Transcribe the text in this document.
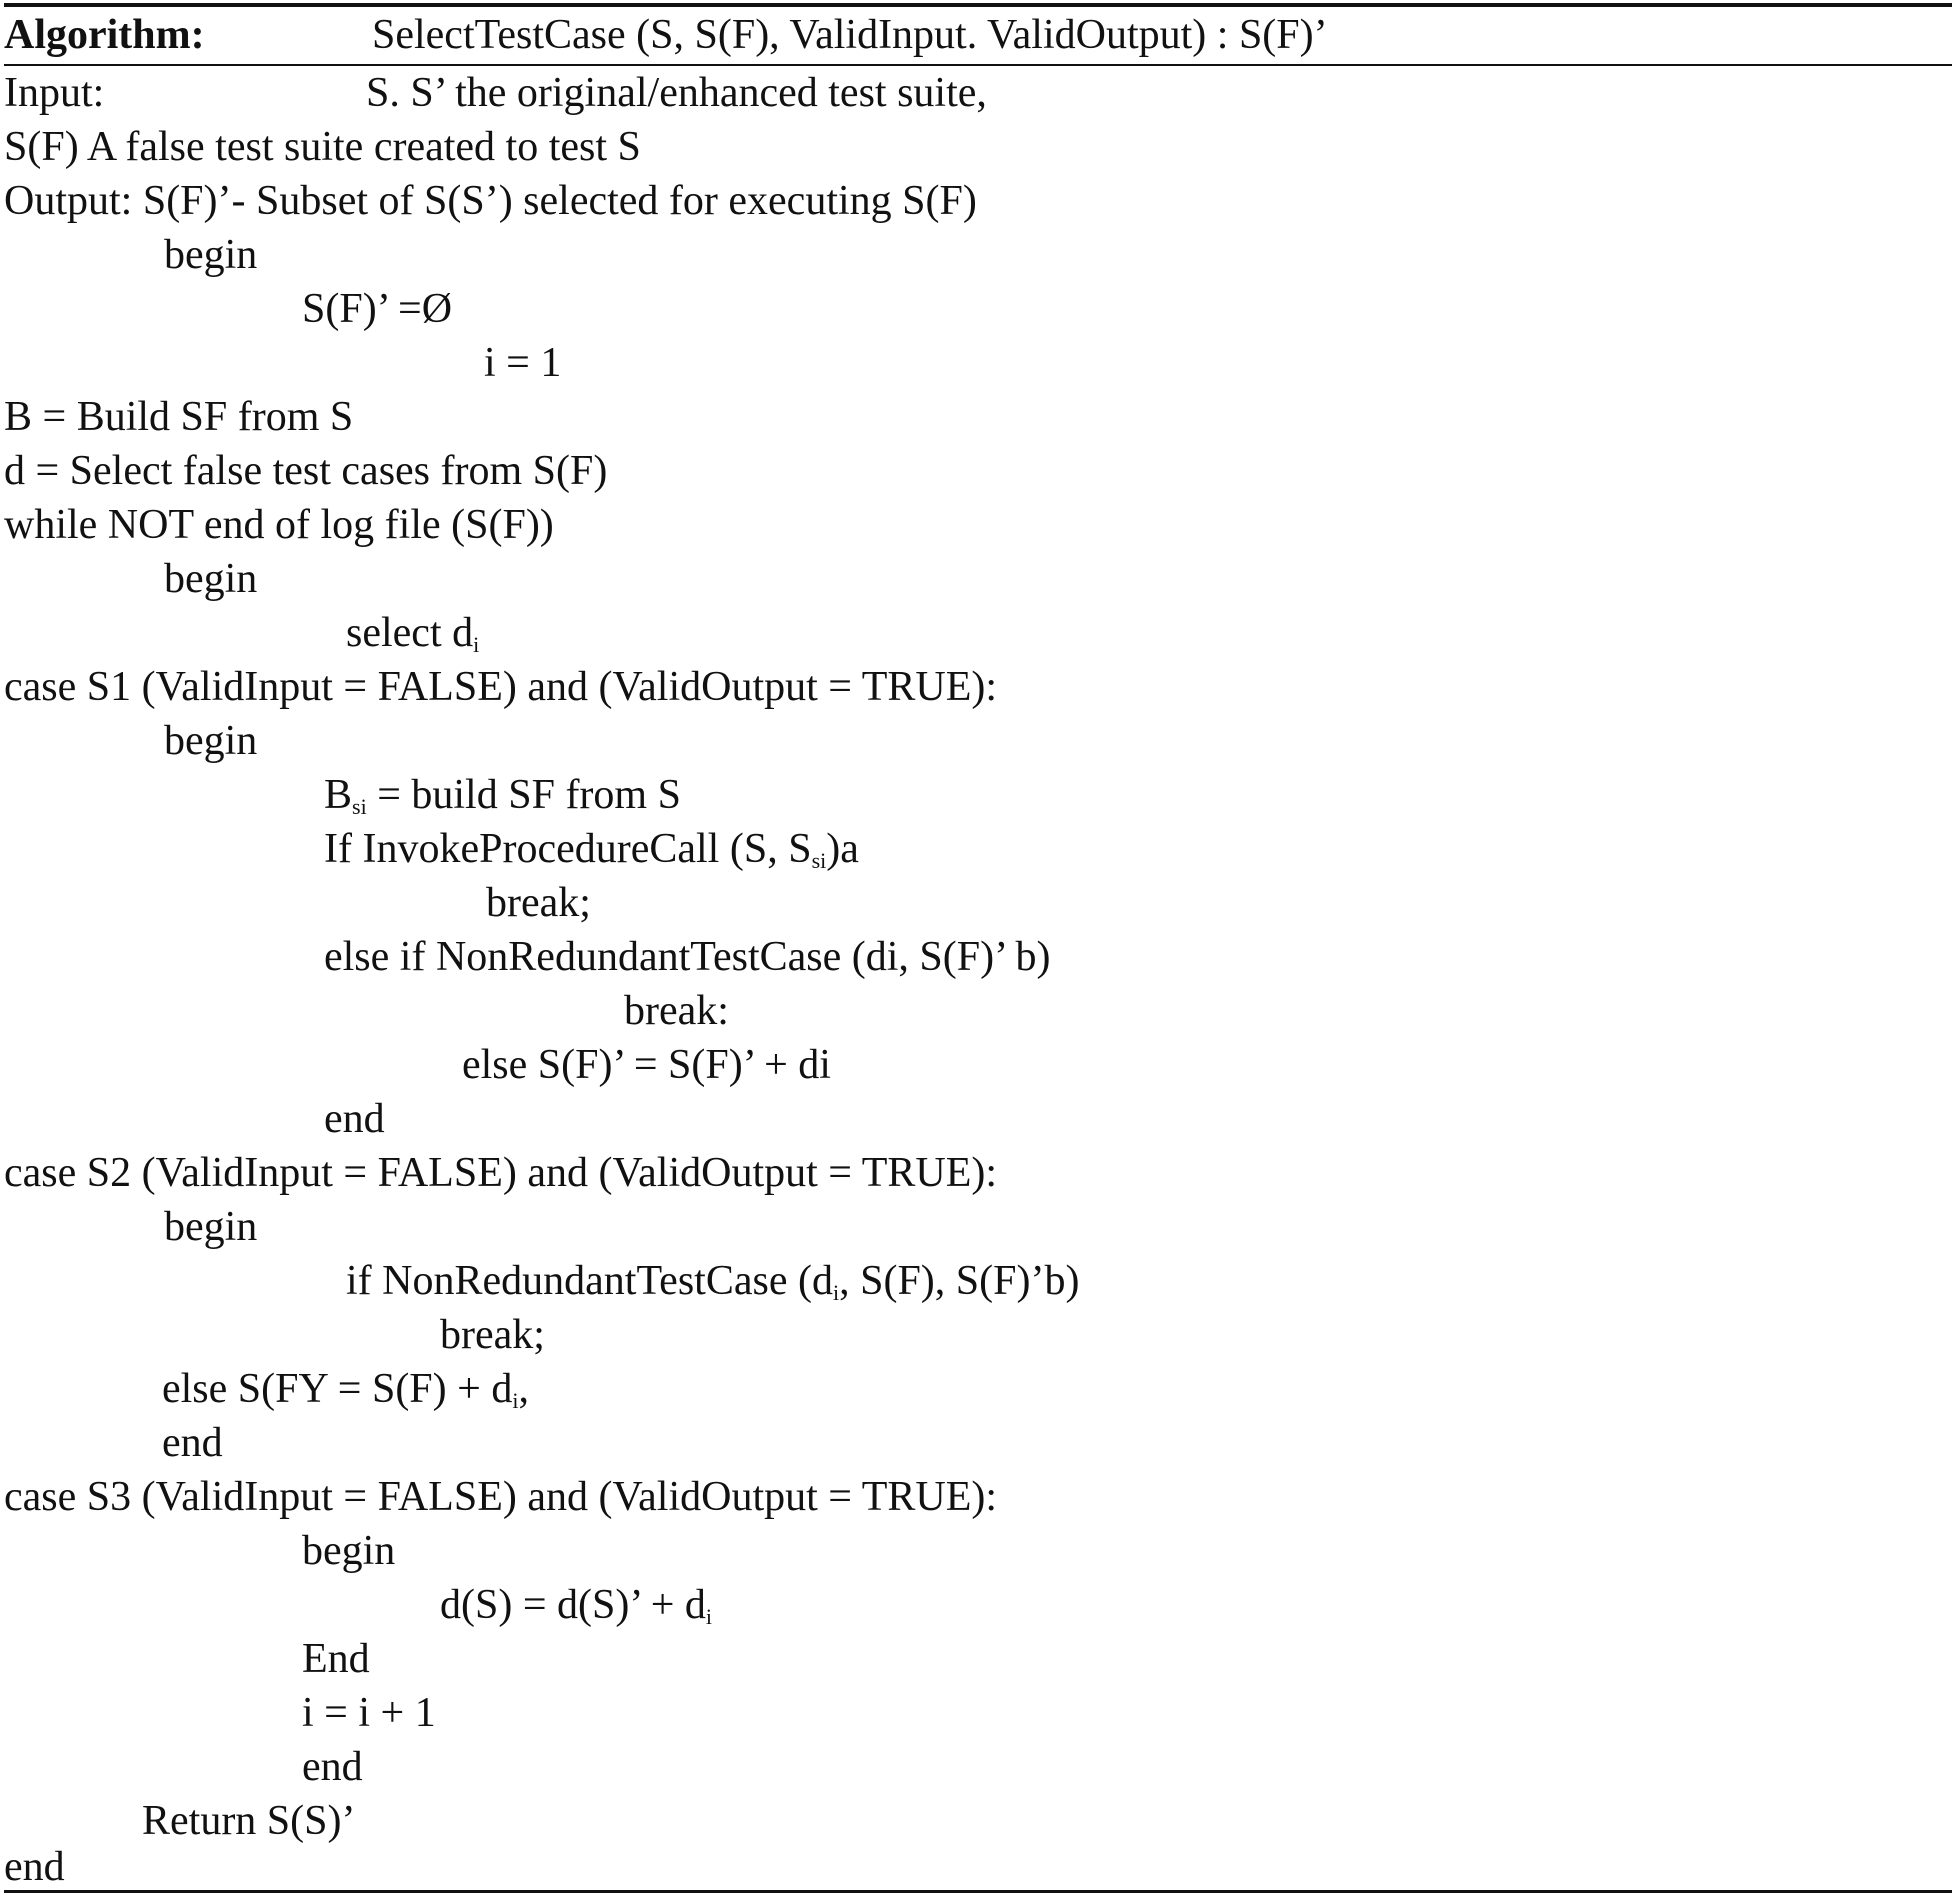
Algorithm:	SelectTestCase (S, S(F), ValidInput. ValidOutput) : S(F)’
Input:	S. S’ the original/enhanced test suite,
S(F) A false test suite created to test S
Output: S(F)’- Subset of S(S’) selected for executing S(F)
begin
S(F)’ =Ø
i = 1
B = Build SF from S
d = Select false test cases from S(F)
while NOT end of log file (S(F))
begin
select $d_i$
case S1 (ValidInput = FALSE) and (ValidOutput = TRUE):
begin
$B_{si}$ = build SF from S
If InvokeProcedureCall (S, $S_{si})a$
break;
else if NonRedundantTestCase (di, S(F)’ b)
break:
else S(F)’ = S(F)’ + di
end
case S2 (ValidInput = FALSE) and (ValidOutput = TRUE):
begin
if NonRedundantTestCase ($d_i$, S(F), S(F)’b)
break;
else $S(FY = S(F) + d_i$,
end
case S3 (ValidInput = FALSE) and (ValidOutput = TRUE):
begin
d(S) = d(S)’ + $d_i$
End
i = i + 1
end
Return S(S)’
end
